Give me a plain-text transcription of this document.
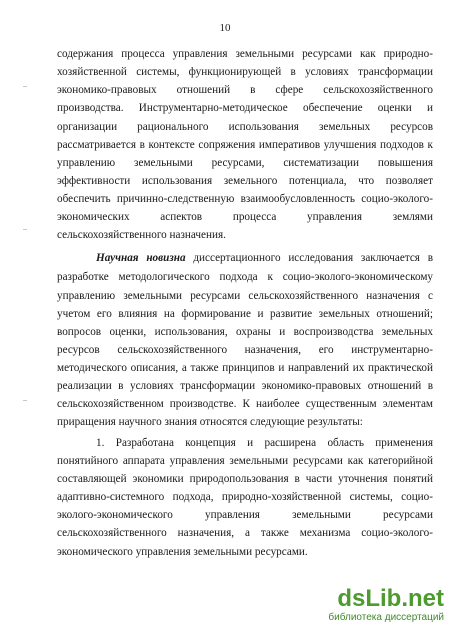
10
содержания процесса управления земельными ресурсами как природно-
хозяйственной системы, функционирующей в условиях трансформации
экономико-правовых отношений в сфере сельскохозяйственного
производства. Инструментарно-методическое обеспечение оценки и
организации рационального использования земельных ресурсов
рассматривается в контексте сопряжения императивов улучшения подходов к
управлению земельными ресурсами, систематизации повышения
эффективности использования земельного потенциала, что позволяет
обеспечить причинно-следственную взаимообусловленность социо-эколого-
экономических аспектов процесса управления землями
сельскохозяйственного назначения.
Научная новизна диссертационного исследования заключается в
разработке методологического подхода к социо-эколого-экономическому
управлению земельными ресурсами сельскохозяйственного назначения с
учетом его влияния на формирование и развитие земельных отношений;
вопросов оценки, использования, охраны и воспроизводства земельных
ресурсов сельскохозяйственного назначения, его инструментарно-
методического описания, а также принципов и направлений их практической
реализации в условиях трансформации экономико-правовых отношений в
сельскохозяйственном производстве. К наиболее существенным элементам
приращения научного знания относятся следующие результаты:
1. Разработана концепция и расширена область применения
понятийного аппарата управления земельными ресурсами как категорийной
составляющей экономики природопользования в части уточнения понятий
адаптивно-системного подхода, природно-хозяйственной системы, социо-
эколого-экономического управления земельными ресурсами
сельскохозяйственного назначения, а также механизма социо-эколого-
экономического управления земельными ресурсами.
dsLib.net
библиотека диссертаций
